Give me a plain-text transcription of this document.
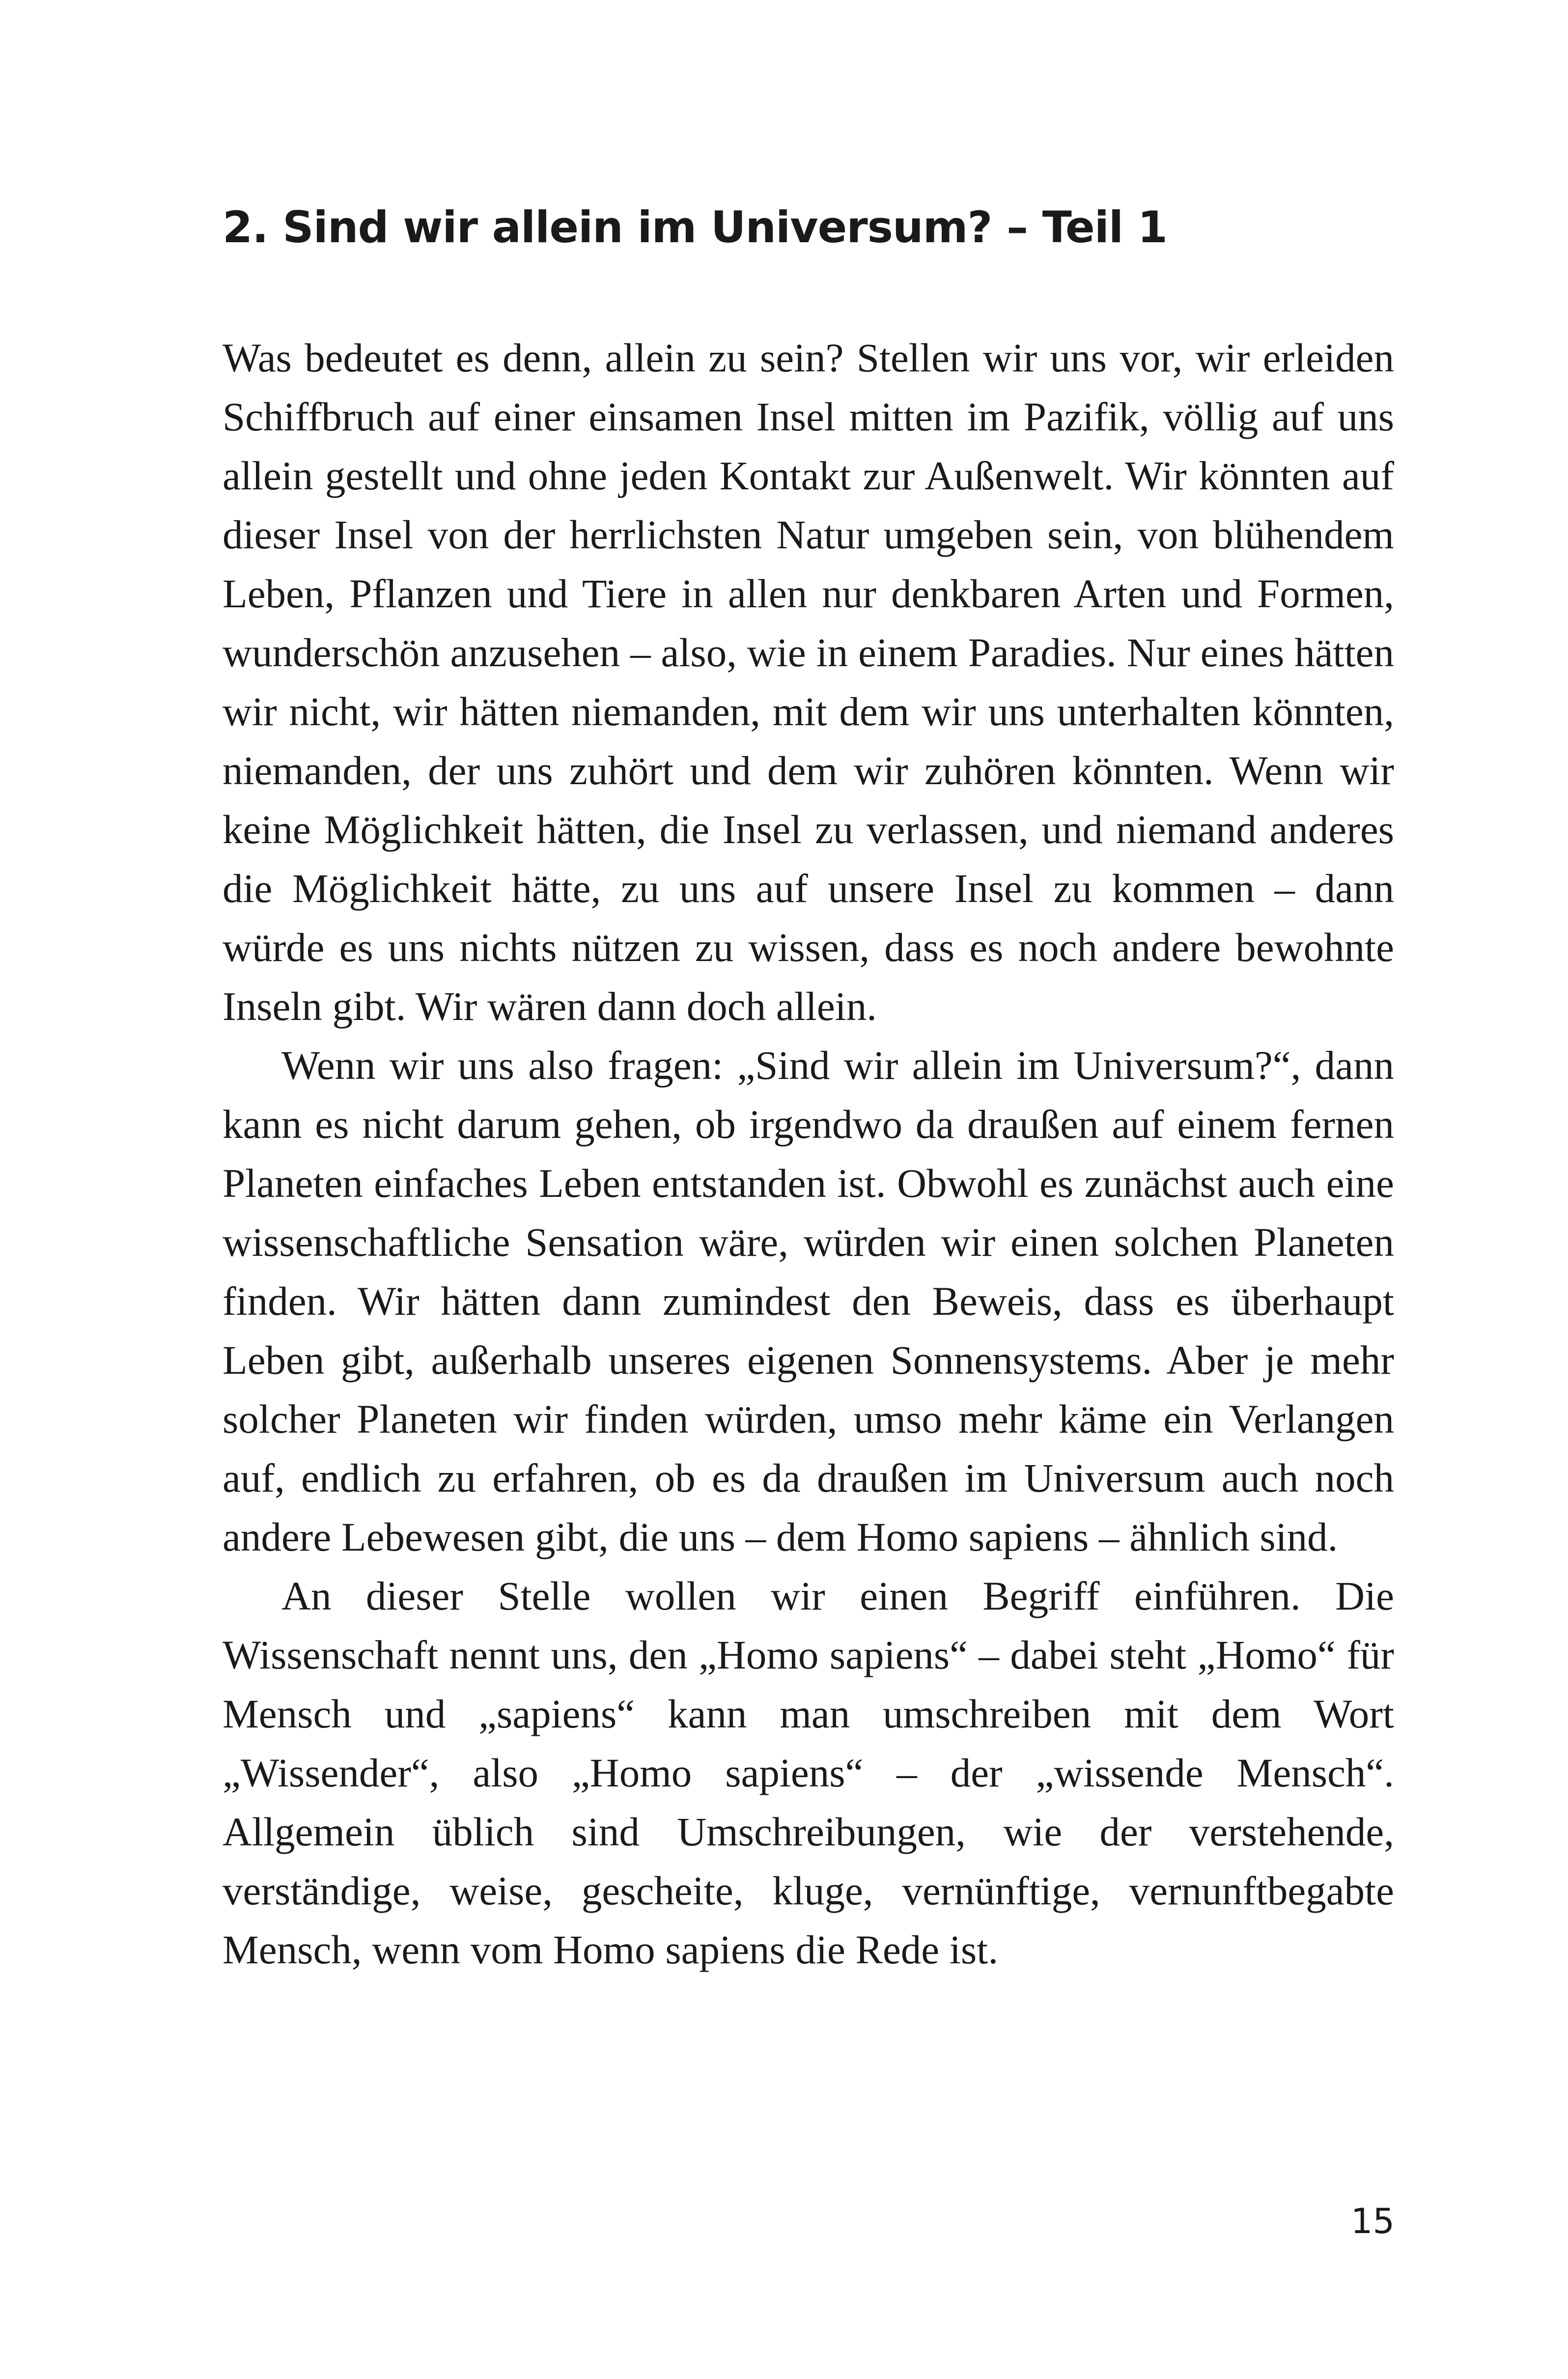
2. Sind wir allein im Universum? – Teil 1

Was bedeutet es denn, allein zu sein? Stellen wir uns vor, wir erleiden Schiffbruch auf einer einsamen Insel mitten im Pazifik, völlig auf uns allein gestellt und ohne jeden Kontakt zur Außenwelt. Wir könnten auf dieser Insel von der herrlichsten Natur umgeben sein, von blühendem Leben, Pflanzen und Tiere in allen nur denkbaren Arten und Formen, wunderschön anzusehen – also, wie in einem Paradies. Nur eines hätten wir nicht, wir hätten niemanden, mit dem wir uns unterhalten könnten, niemanden, der uns zuhört und dem wir zuhören könnten. Wenn wir keine Möglichkeit hätten, die Insel zu verlassen, und niemand anderes die Möglichkeit hätte, zu uns auf unsere Insel zu kommen – dann würde es uns nichts nützen zu wissen, dass es noch andere bewohnte Inseln gibt. Wir wären dann doch allein.

Wenn wir uns also fragen: „Sind wir allein im Universum?“, dann kann es nicht darum gehen, ob irgendwo da draußen auf einem fernen Planeten einfaches Leben entstanden ist. Obwohl es zunächst auch eine wissenschaftliche Sensation wäre, würden wir einen solchen Planeten finden. Wir hätten dann zumindest den Beweis, dass es überhaupt Leben gibt, außerhalb unseres eigenen Sonnensystems. Aber je mehr solcher Planeten wir finden würden, umso mehr käme ein Verlangen auf, endlich zu erfahren, ob es da draußen im Universum auch noch andere Lebewesen gibt, die uns – dem Homo sapiens – ähnlich sind.

An dieser Stelle wollen wir einen Begriff einführen. Die Wissenschaft nennt uns, den „Homo sapiens“ – dabei steht „Homo“ für Mensch und „sapiens“ kann man umschreiben mit dem Wort „Wissender“, also „Homo sapiens“ – der „wissende Mensch“. Allgemein üblich sind Umschreibungen, wie der verstehende, verständige, weise, gescheite, kluge, vernünftige, vernunftbegabte Mensch, wenn vom Homo sapiens die Rede ist.

15
